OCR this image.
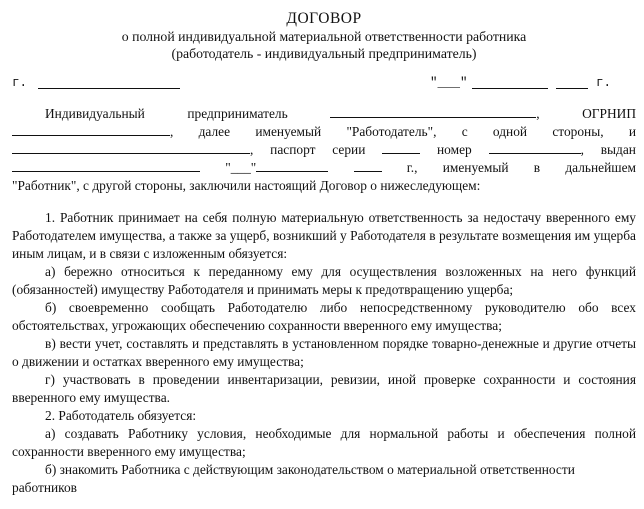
ДОГОВОР
о полной индивидуальной материальной ответственности работника
(работодатель - индивидуальный предприниматель)
г.	"___"	г.
Индивидуальный предприниматель	, ОГРНИП
, далее именуемый "Работодатель", с одной стороны, и
, паспорт серии	номер	, выдан
"___"	г., именуемый в дальнейшем
"Работник", с другой стороны, заключили настоящий Договор о нижеследующем:
1. Работник принимает на себя полную материальную ответственность за недостачу вверенного ему Работодателем имущества, а также за ущерб, возникший у Работодателя в результате возмещения им ущерба иным лицам, и в связи с изложенным обязуется:
а) бережно относиться к переданному ему для осуществления возложенных на него функций (обязанностей) имуществу Работодателя и принимать меры к предотвращению ущерба;
б) своевременно сообщать Работодателю либо непосредственному руководителю обо всех обстоятельствах, угрожающих обеспечению сохранности вверенного ему имущества;
в) вести учет, составлять и представлять в установленном порядке товарно-денежные и другие отчеты о движении и остатках вверенного ему имущества;
г) участвовать в проведении инвентаризации, ревизии, иной проверке сохранности и состояния вверенного ему имущества.
2. Работодатель обязуется:
а) создавать Работнику условия, необходимые для нормальной работы и обеспечения полной сохранности вверенного ему имущества;
б) знакомить Работника с действующим законодательством о материальной ответственности работников
